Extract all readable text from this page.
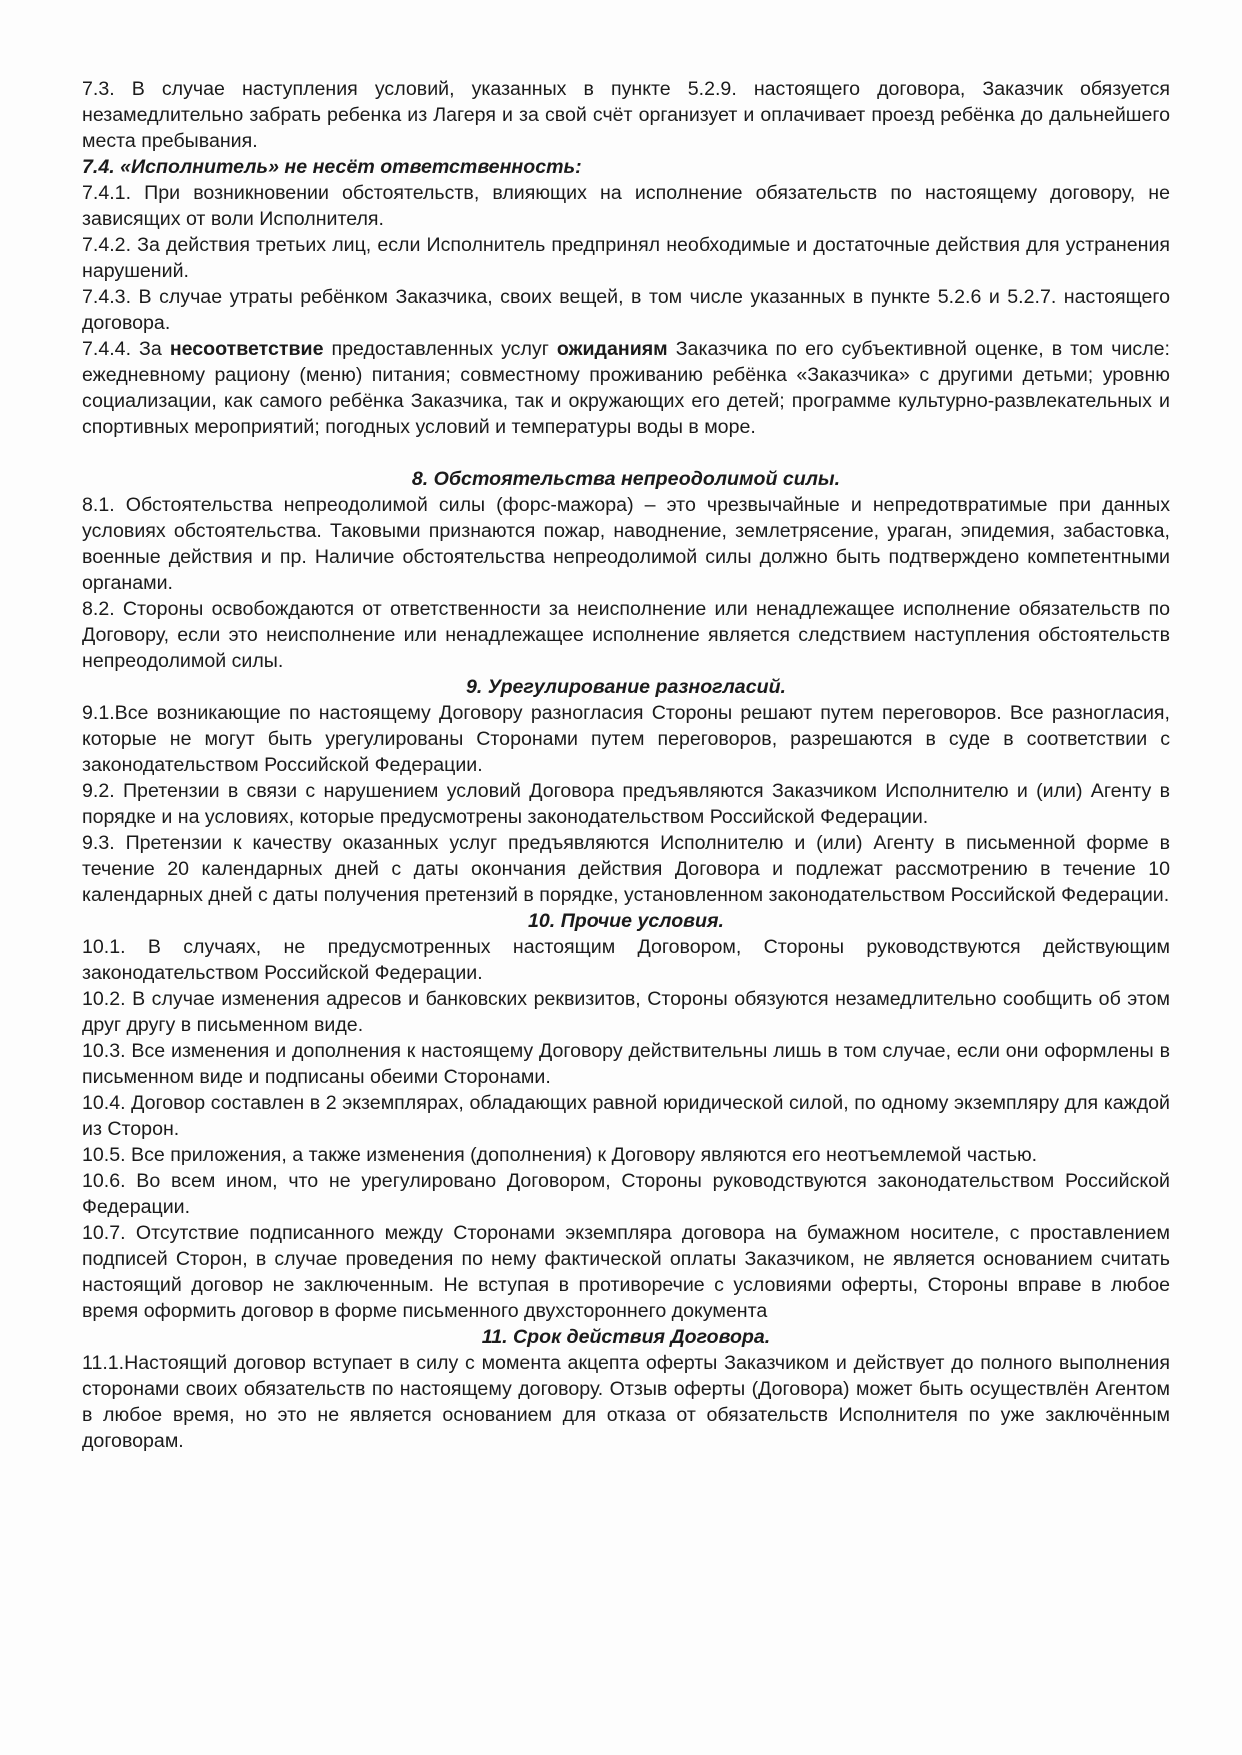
7.3. В случае наступления условий, указанных в пункте 5.2.9. настоящего договора, Заказчик обязуется незамедлительно забрать ребенка из Лагеря и за свой счёт организует и оплачивает проезд ребёнка до дальнейшего места пребывания.

7.4. «Исполнитель» не несёт ответственность:

7.4.1. При возникновении обстоятельств, влияющих на исполнение обязательств по настоящему договору, не зависящих от воли Исполнителя.

7.4.2. За действия третьих лиц, если Исполнитель предпринял необходимые и достаточные действия для устранения нарушений.

7.4.3. В случае утраты ребёнком Заказчика, своих вещей, в том числе указанных в пункте 5.2.6 и 5.2.7. настоящего договора.

7.4.4. За несоответствие предоставленных услуг ожиданиям Заказчика по его субъективной оценке, в том числе: ежедневному рациону (меню) питания; совместному проживанию ребёнка «Заказчика» с другими детьми; уровню социализации, как самого ребёнка Заказчика, так и окружающих его детей; программе культурно-развлекательных и спортивных мероприятий; погодных условий и температуры воды в море.

8. Обстоятельства непреодолимой силы.

8.1. Обстоятельства непреодолимой силы (форс-мажора) – это чрезвычайные и непредотвратимые при данных условиях обстоятельства. Таковыми признаются пожар, наводнение, землетрясение, ураган, эпидемия, забастовка, военные действия и пр. Наличие обстоятельства непреодолимой силы должно быть подтверждено компетентными органами.

8.2. Стороны освобождаются от ответственности за неисполнение или ненадлежащее исполнение обязательств по Договору, если это неисполнение или ненадлежащее исполнение является следствием наступления обстоятельств непреодолимой силы.

9. Урегулирование разногласий.

9.1.Все возникающие по настоящему Договору разногласия Стороны решают путем переговоров. Все разногласия, которые не могут быть урегулированы Сторонами путем переговоров, разрешаются в суде в соответствии с законодательством Российской Федерации.

9.2. Претензии в связи с нарушением условий Договора предъявляются Заказчиком Исполнителю и (или) Агенту в порядке и на условиях, которые предусмотрены законодательством Российской Федерации.

9.3. Претензии к качеству оказанных услуг предъявляются Исполнителю и (или) Агенту в письменной форме в течение 20 календарных дней с даты окончания действия Договора и подлежат рассмотрению в течение 10 календарных дней с даты получения претензий в порядке, установленном законодательством Российской Федерации.

10. Прочие условия.

10.1. В случаях, не предусмотренных настоящим Договором, Стороны руководствуются действующим законодательством Российской Федерации.

10.2. В случае изменения адресов и банковских реквизитов, Стороны обязуются незамедлительно сообщить об этом друг другу в письменном виде.

10.3. Все изменения и дополнения к настоящему Договору действительны лишь в том случае, если они оформлены в письменном виде и подписаны обеими Сторонами.

10.4. Договор составлен в 2 экземплярах, обладающих равной юридической силой, по одному экземпляру для каждой из Сторон.

10.5. Все приложения, а также изменения (дополнения) к Договору являются его неотъемлемой частью.

10.6. Во всем ином, что не урегулировано Договором, Стороны руководствуются законодательством Российской Федерации.

10.7. Отсутствие подписанного между Сторонами экземпляра договора на бумажном носителе, с проставлением подписей Сторон, в случае проведения по нему фактической оплаты Заказчиком, не является основанием считать настоящий договор не заключенным. Не вступая в противоречие с условиями оферты, Стороны вправе в любое время оформить договор в форме письменного двухстороннего документа

11. Срок действия Договора.

11.1.Настоящий договор вступает в силу с момента акцепта оферты Заказчиком и действует до полного выполнения сторонами своих обязательств по настоящему договору. Отзыв оферты (Договора) может быть осуществлён Агентом в любое время, но это не является основанием для отказа от обязательств Исполнителя по уже заключённым договорам.
